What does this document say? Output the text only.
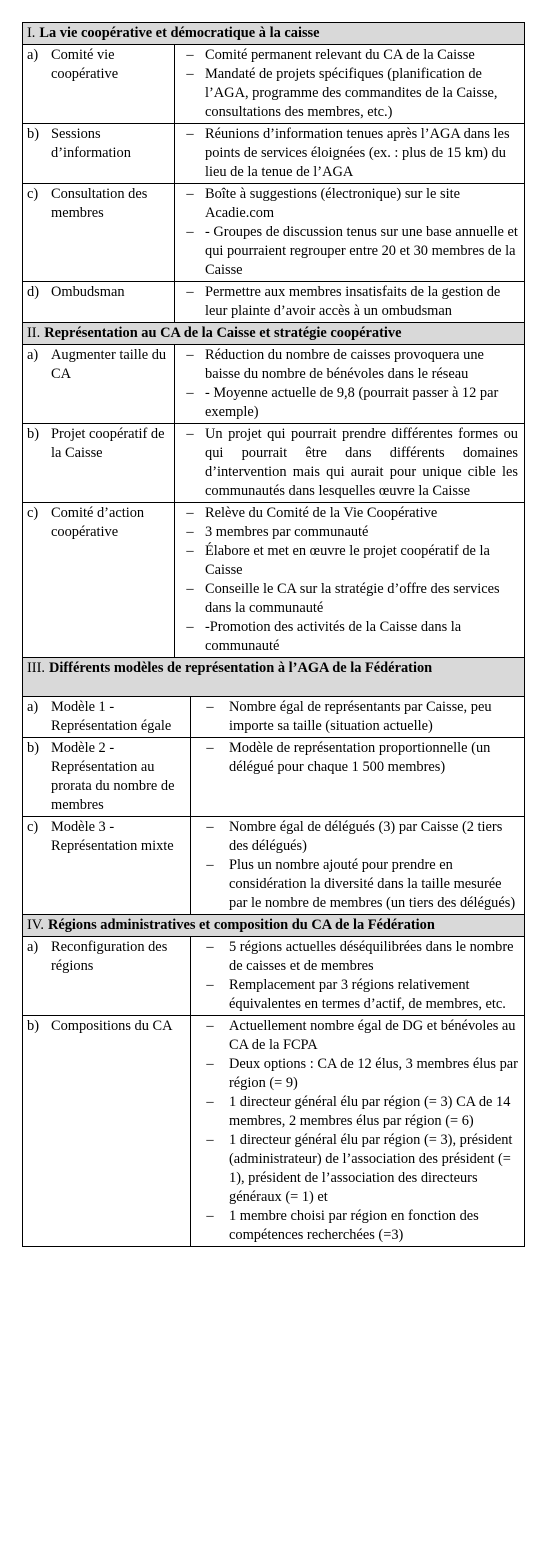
I. La vie coopérative et démocratique à la caisse
a) Comité vie coopérative
– Comité permanent relevant du CA de la Caisse
– Mandaté de projets spécifiques (planification de l’AGA, programme des commandites de la Caisse, consultations des membres, etc.)
b) Sessions d’information
– Réunions d’information tenues après l’AGA dans les points de services éloignées (ex. : plus de 15 km) du lieu de la tenue de l’AGA
c) Consultation des membres
– Boîte à suggestions (électronique) sur le site Acadie.com
– - Groupes de discussion tenus sur une base annuelle et qui pourraient regrouper entre 20 et 30 membres de la Caisse
d) Ombudsman	– Permettre aux membres insatisfaits de la gestion de leur plainte d’avoir accès à un ombudsman
II. Représentation au CA de la Caisse et stratégie coopérative
a) Augmenter taille du CA
– Réduction du nombre de caisses provoquera une baisse du nombre de bénévoles dans le réseau
– - Moyenne actuelle de 9,8 (pourrait passer à 12 par exemple)
b) Projet coopératif de la Caisse
– Un projet qui pourrait prendre différentes formes ou qui pourrait être dans différents domaines d’intervention mais qui aurait pour unique cible les communautés dans lesquelles œuvre la Caisse
c) Comité d’action coopérative
– Relève du Comité de la Vie Coopérative
– 3 membres par communauté
– Élabore et met en œuvre le projet coopératif de la Caisse
– Conseille le CA sur la stratégie d’offre des services dans la communauté
– -Promotion des activités de la Caisse dans la communauté
III. Différents modèles de représentation à l’AGA de la Fédération
a) Modèle 1 - Représentation égale
–	Nombre égal de représentants par Caisse, peu importe sa taille (situation actuelle)
b) Modèle 2 - Représentation au prorata du nombre de membres
–	Modèle de représentation proportionnelle (un délégué pour chaque 1 500 membres)
c) Modèle 3 - Représentation mixte
–	Nombre égal de délégués (3) par Caisse (2 tiers des délégués)
–	Plus un nombre ajouté pour prendre en considération la diversité dans la taille mesurée par le nombre de membres (un tiers des délégués)
IV. Régions administratives et composition du CA de la Fédération
a) Reconfiguration des régions
–	5 régions actuelles déséquilibrées dans le nombre de caisses et de membres
–	Remplacement par 3 régions relativement équivalentes en termes d’actif, de membres, etc.
b) Compositions du CA	–	Actuellement nombre égal de DG et bénévoles au CA de la FCPA
–	Deux options : CA de 12 élus, 3 membres élus par région (= 9)
–	1 directeur général élu par région (= 3) CA de 14 membres, 2 membres élus par région (= 6)
–	1 directeur général élu par région (= 3), président (administrateur) de l’association des président (= 1), président de l’association des directeurs généraux (= 1) et
–	1 membre choisi par région en fonction des compétences recherchées (=3)
